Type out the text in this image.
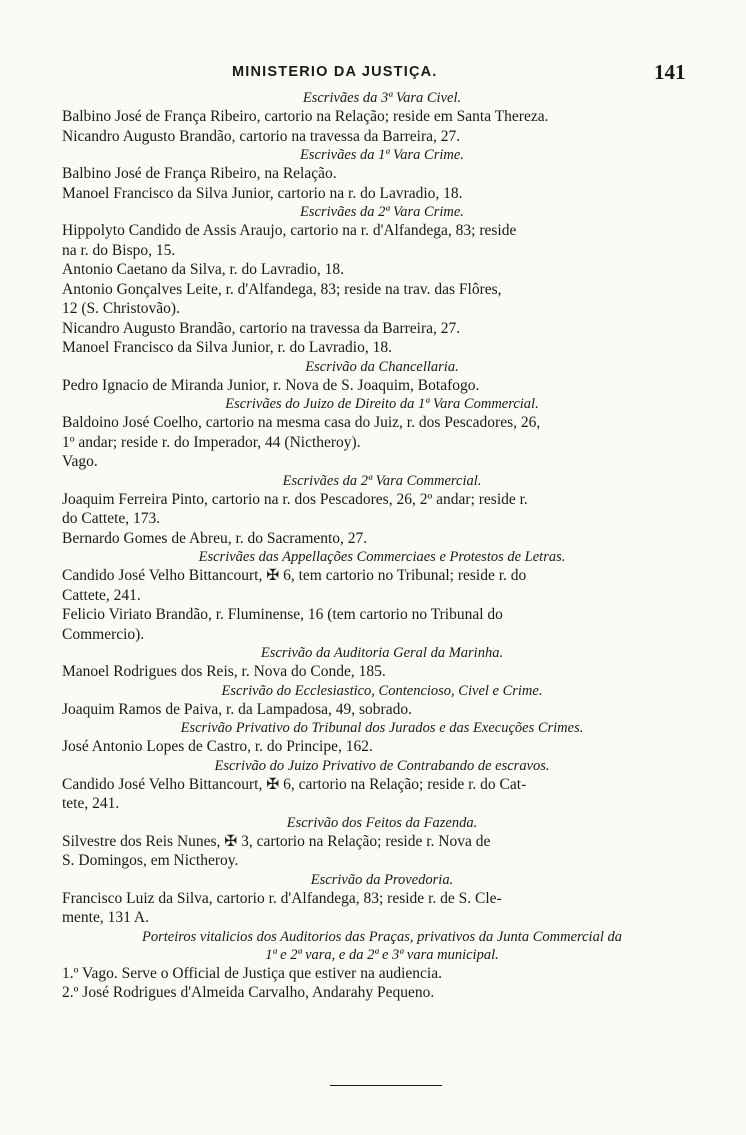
MINISTERIO DA JUSTIÇA.	141
Escrivães da 3ª Vara Civel.

Balbino José de França Ribeiro, cartorio na Relação; reside em Santa Thereza.

Nicandro Augusto Brandão, cartorio na travessa da Barreira, 27.

Escrivães da 1ª Vara Crime.

Balbino José de França Ribeiro, na Relação.

Manoel Francisco da Silva Junior, cartorio na r. do Lavradio, 18.

Escrivães da 2ª Vara Crime.

Hippolyto Candido de Assis Araujo, cartorio na r. d'Alfandega, 83; reside
na r. do Bispo, 15.

Antonio Caetano da Silva, r. do Lavradio, 18.

Antonio Gonçalves Leite, r. d'Alfandega, 83; reside na trav. das Flôres,
12 (S. Christovão).

Nicandro Augusto Brandão, cartorio na travessa da Barreira, 27.

Manoel Francisco da Silva Junior, r. do Lavradio, 18.

Escrivão da Chancellaria.

Pedro Ignacio de Miranda Junior, r. Nova de S. Joaquim, Botafogo.

Escrivães do Juizo de Direito da 1ª Vara Commercial.

Baldoino José Coelho, cartorio na mesma casa do Juiz, r. dos Pescadores, 26,
1º andar; reside r. do Imperador, 44 (Nictheroy).

Vago.

Escrivães da 2ª Vara Commercial.

Joaquim Ferreira Pinto, cartorio na r. dos Pescadores, 26, 2º andar; reside r.
do Cattete, 173.

Bernardo Gomes de Abreu, r. do Sacramento, 27.

Escrivães das Appellações Commerciaes e Protestos de Letras.

Candido José Velho Bittancourt, ✠ 6, tem cartorio no Tribunal; reside r. do
Cattete, 241.

Felicio Viriato Brandão, r. Fluminense, 16 (tem cartorio no Tribunal do
Commercio).

Escrivão da Auditoria Geral da Marinha.

Manoel Rodrigues dos Reis, r. Nova do Conde, 185.

Escrivão do Ecclesiastico, Contencioso, Civel e Crime.

Joaquim Ramos de Paiva, r. da Lampadosa, 49, sobrado.

Escrivão Privativo do Tribunal dos Jurados e das Execuções Crimes.

José Antonio Lopes de Castro, r. do Principe, 162.

Escrivão do Juizo Privativo de Contrabando de escravos.

Candido José Velho Bittancourt, ✠ 6, cartorio na Relação; reside r. do Cat-
tete, 241.

Escrivão dos Feitos da Fazenda.

Silvestre dos Reis Nunes, ✠ 3, cartorio na Relação; reside r. Nova de
S. Domingos, em Nictheroy.

Escrivão da Provedoria.

Francisco Luiz da Silva, cartorio r. d'Alfandega, 83; reside r. de S. Cle-
mente, 131 A.

Porteiros vitalicios dos Auditorios das Praças, privativos da Junta Commercial da
1ª e 2ª vara, e da 2ª e 3ª vara municipal.

1.º Vago. Serve o Official de Justiça que estiver na audiencia.

2.º José Rodrigues d'Almeida Carvalho, Andarahy Pequeno.
